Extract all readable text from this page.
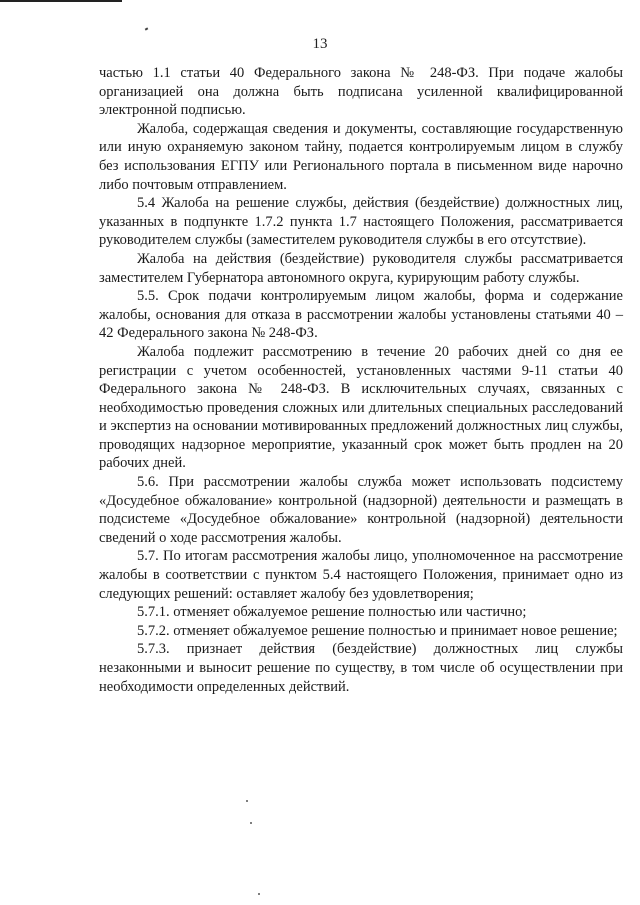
13

частью 1.1 статьи 40 Федерального закона № 248-ФЗ. При подаче жалобы организацией она должна быть подписана усиленной квалифицированной электронной подписью.

Жалоба, содержащая сведения и документы, составляющие государственную или иную охраняемую законом тайну, подается контролируемым лицом в службу без использования ЕГПУ или Регионального портала в письменном виде нарочно либо почтовым отправлением.

5.4 Жалоба на решение службы, действия (бездействие) должностных лиц, указанных в подпункте 1.7.2 пункта 1.7 настоящего Положения, рассматривается руководителем службы (заместителем руководителя службы в его отсутствие).

Жалоба на действия (бездействие) руководителя службы рассматривается заместителем Губернатора автономного округа, курирующим работу службы.

5.5. Срок подачи контролируемым лицом жалобы, форма и содержание жалобы, основания для отказа в рассмотрении жалобы установлены статьями 40 – 42 Федерального закона № 248-ФЗ.

Жалоба подлежит рассмотрению в течение 20 рабочих дней со дня ее регистрации с учетом особенностей, установленных частями 9-11 статьи 40 Федерального закона № 248-ФЗ. В исключительных случаях, связанных с необходимостью проведения сложных или длительных специальных расследований и экспертиз на основании мотивированных предложений должностных лиц службы, проводящих надзорное мероприятие, указанный срок может быть продлен на 20 рабочих дней.

5.6. При рассмотрении жалобы служба может использовать подсистему «Досудебное обжалование» контрольной (надзорной) деятельности и размещать в подсистеме «Досудебное обжалование» контрольной (надзорной) деятельности сведений о ходе рассмотрения жалобы.

5.7. По итогам рассмотрения жалобы лицо, уполномоченное на рассмотрение жалобы в соответствии с пунктом 5.4 настоящего Положения, принимает одно из следующих решений: оставляет жалобу без удовлетворения;

5.7.1. отменяет обжалуемое решение полностью или частично;

5.7.2. отменяет обжалуемое решение полностью и принимает новое решение;

5.7.3. признает действия (бездействие) должностных лиц службы незаконными и выносит решение по существу, в том числе об осуществлении при необходимости определенных действий.
